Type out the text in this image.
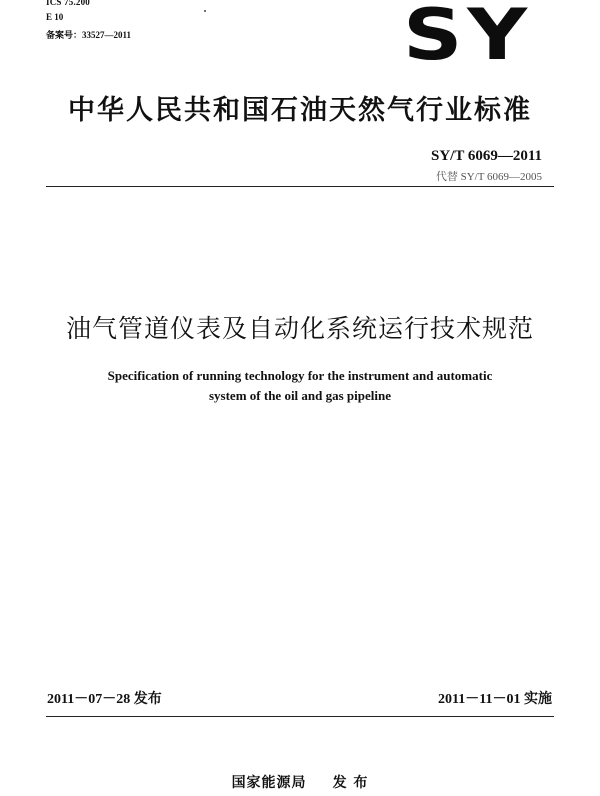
ICS 75.200
E 10
备案号：33527—2011	SY
中华人民共和国石油天然气行业标准
SY/T 6069—2011
代替 SY/T 6069—2005
油气管道仪表及自动化系统运行技术规范
Specification of running technology for the instrument and automatic
system of the oil and gas pipeline
2011－07－28 发布	2011－11－01 实施
国家能源局 发 布
